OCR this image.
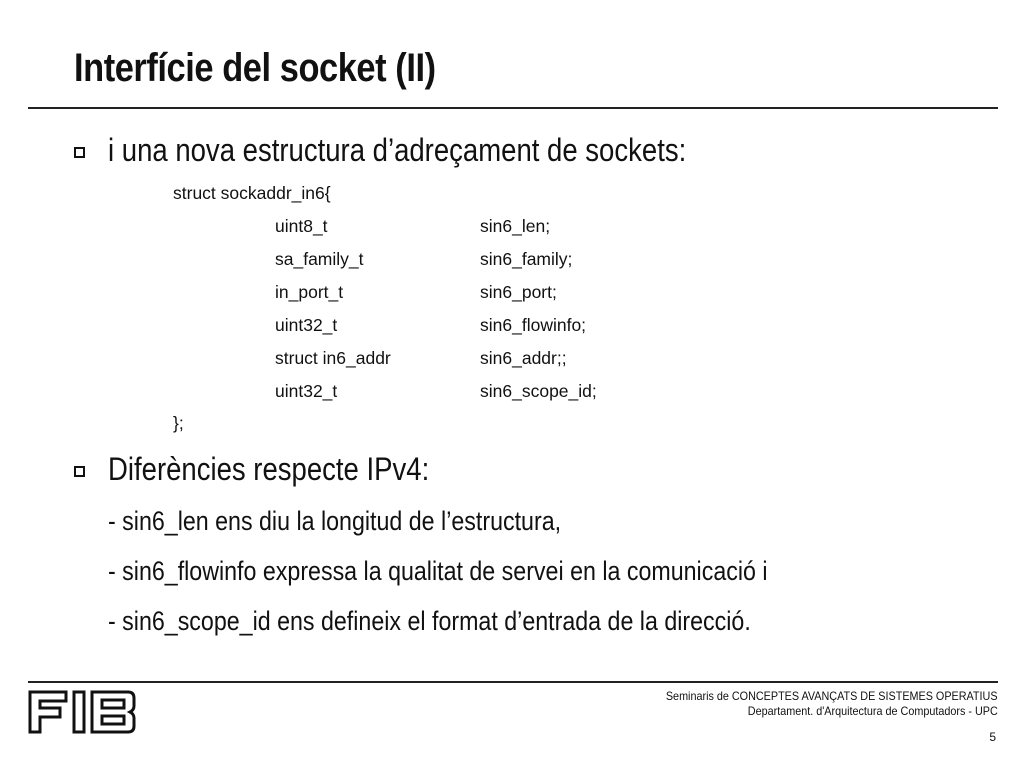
Interfície del socket (II)
i una nova estructura d’adreçament de sockets:
struct sockaddr_in6{
uint8_t	sin6_len;
sa_family_t	sin6_family;
in_port_t	sin6_port;
uint32_t	sin6_flowinfo;
struct in6_addr	sin6_addr;;
uint32_t	sin6_scope_id;
};
Diferències respecte IPv4:
- sin6_len ens diu la longitud de l’estructura,
- sin6_flowinfo expressa la qualitat de servei en la comunicació i
- sin6_scope_id ens defineix el format d’entrada de la direcció.
Seminaris de CONCEPTES AVANÇATS DE SISTEMES OPERATIUS
Departament. d'Arquitectura de Computadors - UPC
5
